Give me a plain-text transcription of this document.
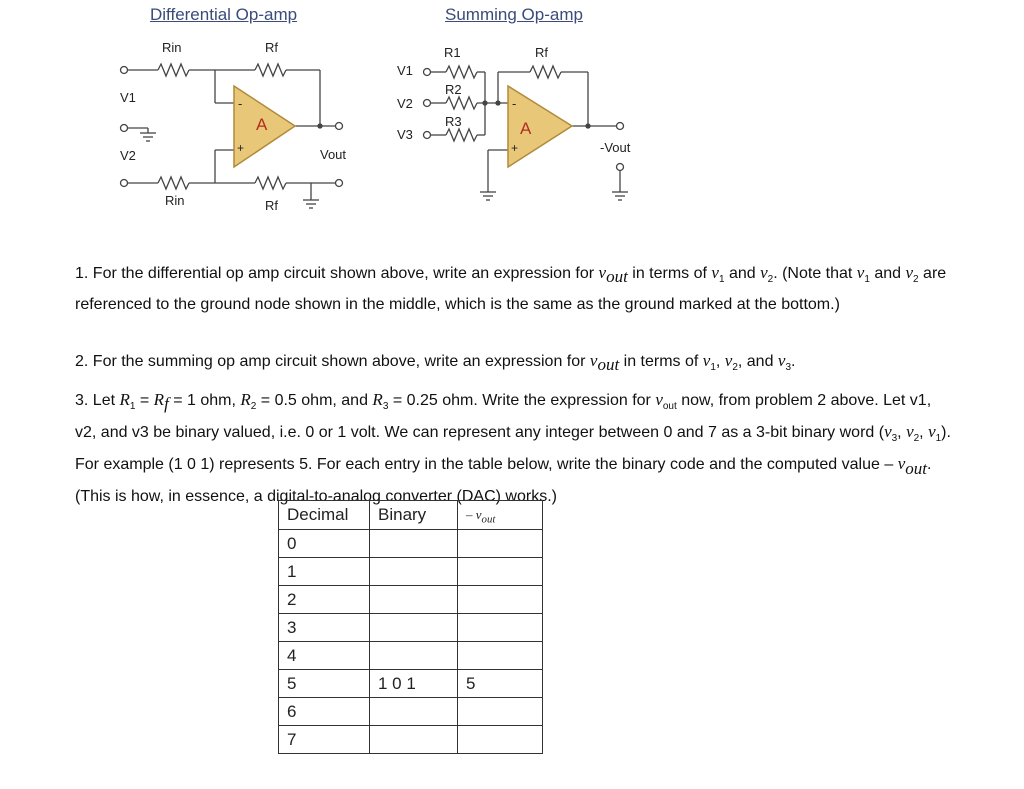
Differential Op-amp	Summing Op-amp
Rin	Rf
V1
V2	Vout
Rin	Rf
R1	Rf
V1
R2
V2
R3
V3
-Vout
A
-
+
A
-
+
1. For the differential op amp circuit shown above, write an expression for $v_{out}$ in terms of $v_1$ and $v_2$. (Note that $v_1$ and $v_2$ are referenced to the ground node shown in the middle, which is the same as the ground marked at the bottom.)
2. For the summing op amp circuit shown above, write an expression for $v_{out}$ in terms of $v_1$, $v_2$, and $v_3$.
3. Let $R_1 = R_f = 1$ ohm, $R_2 = 0.5$ ohm, and $R_3 = 0.25$ ohm. Write the expression for $v_{out}$ now, from problem 2 above. Let v1, v2, and v3 be binary valued, i.e. 0 or 1 volt. We can represent any integer between 0 and 7 as a 3-bit binary word ($v_3$, $v_2$, $v_1$). For example (1 0 1) represents 5. For each entry in the table below, write the binary code and the computed value – $v_{out}$. (This is how, in essence, a digital-to-analog converter (DAC) works.)
Decimal	Binary	– $v_{out}$
0		
1		
2		
3		
4		
5	1 0 1	5
6		
7		
